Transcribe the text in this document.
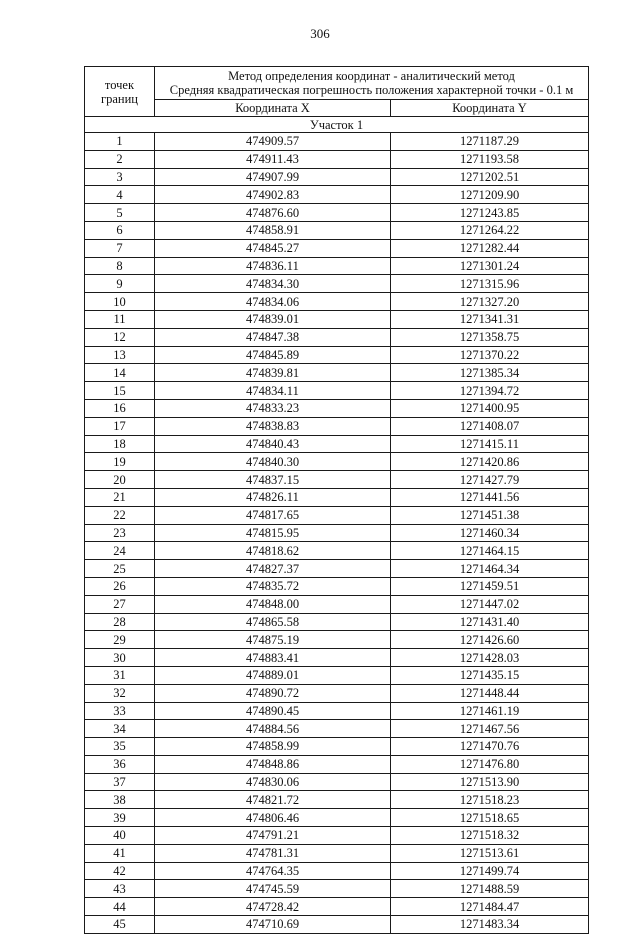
306
точек
границ	Метод определения координат - аналитический метод
Средняя квадратическая погрешность положения характерной точки - 0.1 м	

	Координата X	Координата Y
Участок 1		
1	474909.57	1271187.29
2	474911.43	1271193.58
3	474907.99	1271202.51
4	474902.83	1271209.90
5	474876.60	1271243.85
6	474858.91	1271264.22
7	474845.27	1271282.44
8	474836.11	1271301.24
9	474834.30	1271315.96
10	474834.06	1271327.20
11	474839.01	1271341.31
12	474847.38	1271358.75
13	474845.89	1271370.22
14	474839.81	1271385.34
15	474834.11	1271394.72
16	474833.23	1271400.95
17	474838.83	1271408.07
18	474840.43	1271415.11
19	474840.30	1271420.86
20	474837.15	1271427.79
21	474826.11	1271441.56
22	474817.65	1271451.38
23	474815.95	1271460.34
24	474818.62	1271464.15
25	474827.37	1271464.34
26	474835.72	1271459.51
27	474848.00	1271447.02
28	474865.58	1271431.40
29	474875.19	1271426.60
30	474883.41	1271428.03
31	474889.01	1271435.15
32	474890.72	1271448.44
33	474890.45	1271461.19
34	474884.56	1271467.56
35	474858.99	1271470.76
36	474848.86	1271476.80
37	474830.06	1271513.90
38	474821.72	1271518.23
39	474806.46	1271518.65
40	474791.21	1271518.32
41	474781.31	1271513.61
42	474764.35	1271499.74
43	474745.59	1271488.59
44	474728.42	1271484.47
45	474710.69	1271483.34
